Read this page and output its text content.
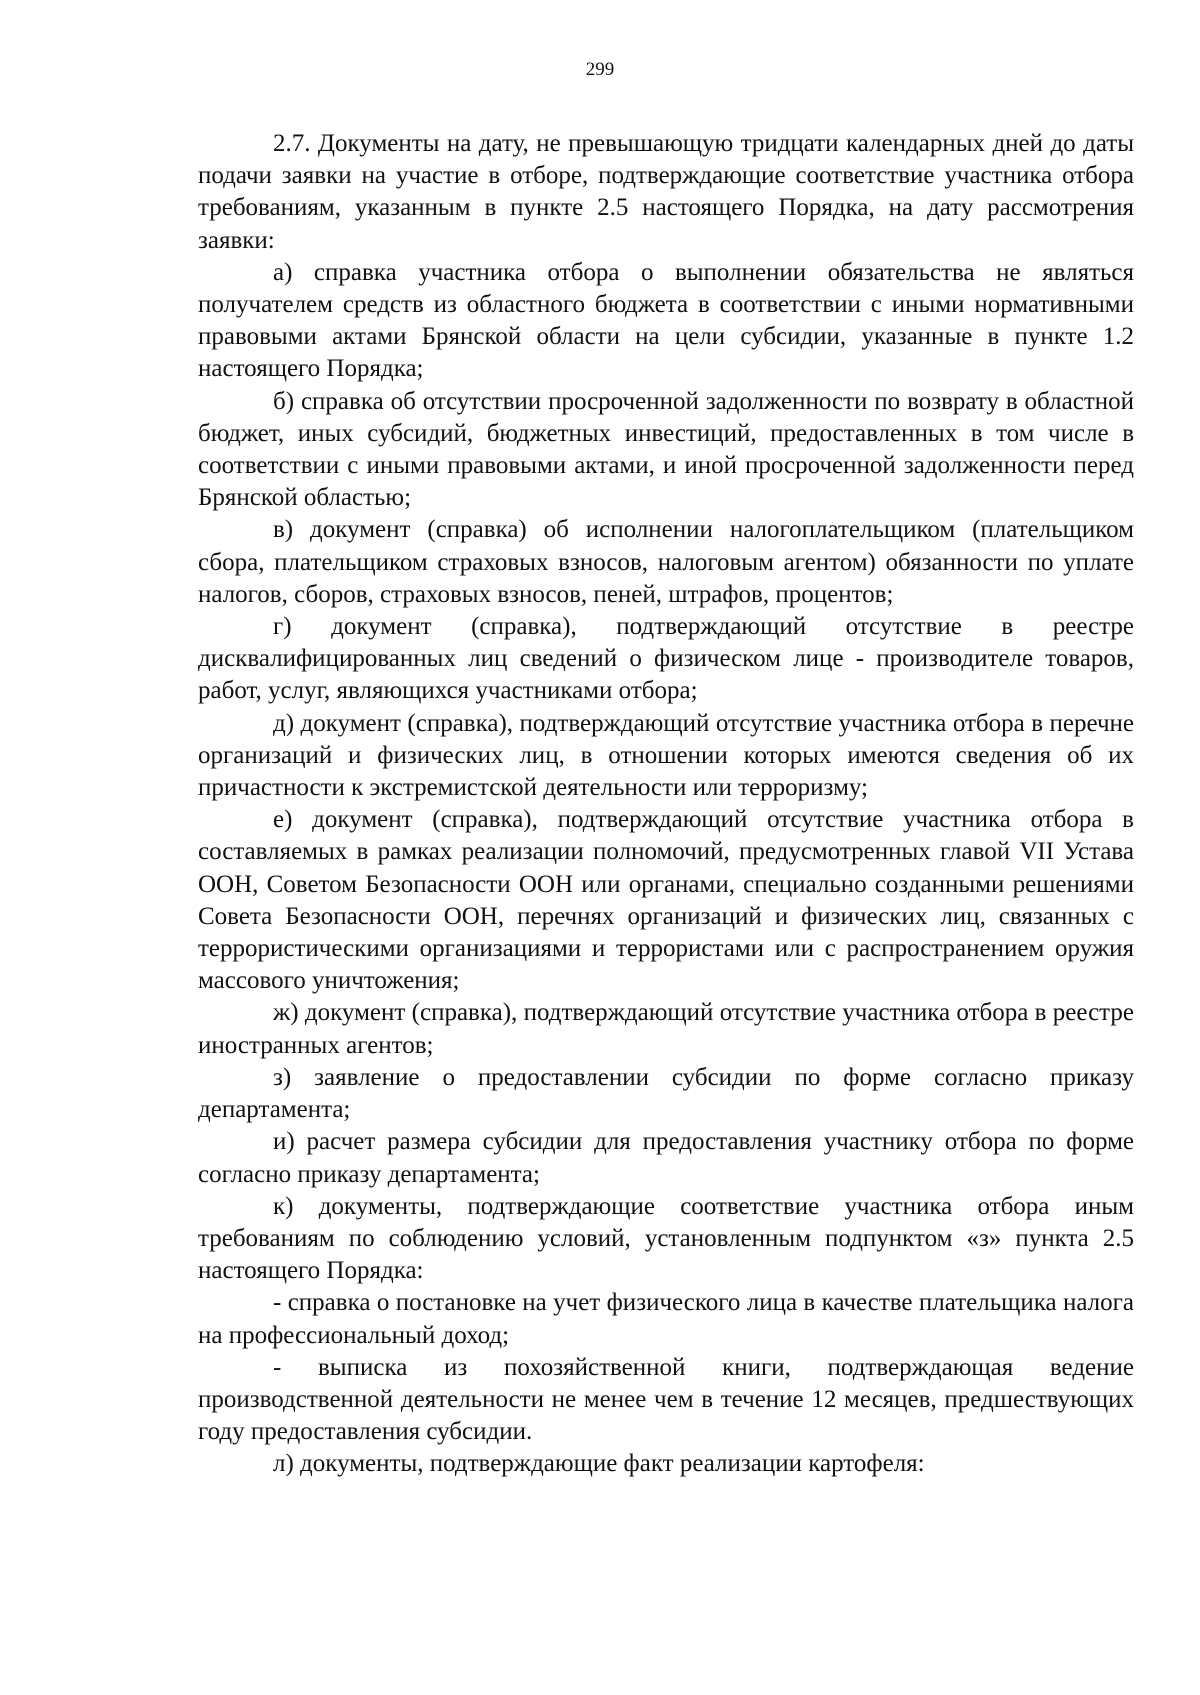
299

2.7. Документы на дату, не превышающую тридцати календарных дней до даты подачи заявки на участие в отборе, подтверждающие соответствие участника отбора требованиям, указанным в пункте 2.5 настоящего Порядка, на дату рассмотрения заявки:

а) справка участника отбора о выполнении обязательства не являться получателем средств из областного бюджета в соответствии с иными нормативными правовыми актами Брянской области на цели субсидии, указанные в пункте 1.2 настоящего Порядка;

б) справка об отсутствии просроченной задолженности по возврату в областной бюджет, иных субсидий, бюджетных инвестиций, предоставленных в том числе в соответствии с иными правовыми актами, и иной просроченной задолженности перед Брянской областью;

в) документ (справка) об исполнении налогоплательщиком (плательщиком сбора, плательщиком страховых взносов, налоговым агентом) обязанности по уплате налогов, сборов, страховых взносов, пеней, штрафов, процентов;

г) документ (справка), подтверждающий отсутствие в реестре дисквалифицированных лиц сведений о физическом лице - производителе товаров, работ, услуг, являющихся участниками отбора;

д) документ (справка), подтверждающий отсутствие участника отбора в перечне организаций и физических лиц, в отношении которых имеются сведения об их причастности к экстремистской деятельности или терроризму;

е) документ (справка), подтверждающий отсутствие участника отбора в составляемых в рамках реализации полномочий, предусмотренных главой VII Устава ООН, Советом Безопасности ООН или органами, специально созданными решениями Совета Безопасности ООН, перечнях организаций и физических лиц, связанных с террористическими организациями и террористами или с распространением оружия массового уничтожения;

ж) документ (справка), подтверждающий отсутствие участника отбора в реестре иностранных агентов;

з) заявление о предоставлении субсидии по форме согласно приказу департамента;

и) расчет размера субсидии для предоставления участнику отбора по форме согласно приказу департамента;

к) документы, подтверждающие соответствие участника отбора иным требованиям по соблюдению условий, установленным подпунктом «з» пункта 2.5 настоящего Порядка:

- справка о постановке на учет физического лица в качестве плательщика налога на профессиональный доход;

- выписка из похозяйственной книги, подтверждающая ведение производственной деятельности не менее чем в течение 12 месяцев, предшествующих году предоставления субсидии.

л) документы, подтверждающие факт реализации картофеля:
